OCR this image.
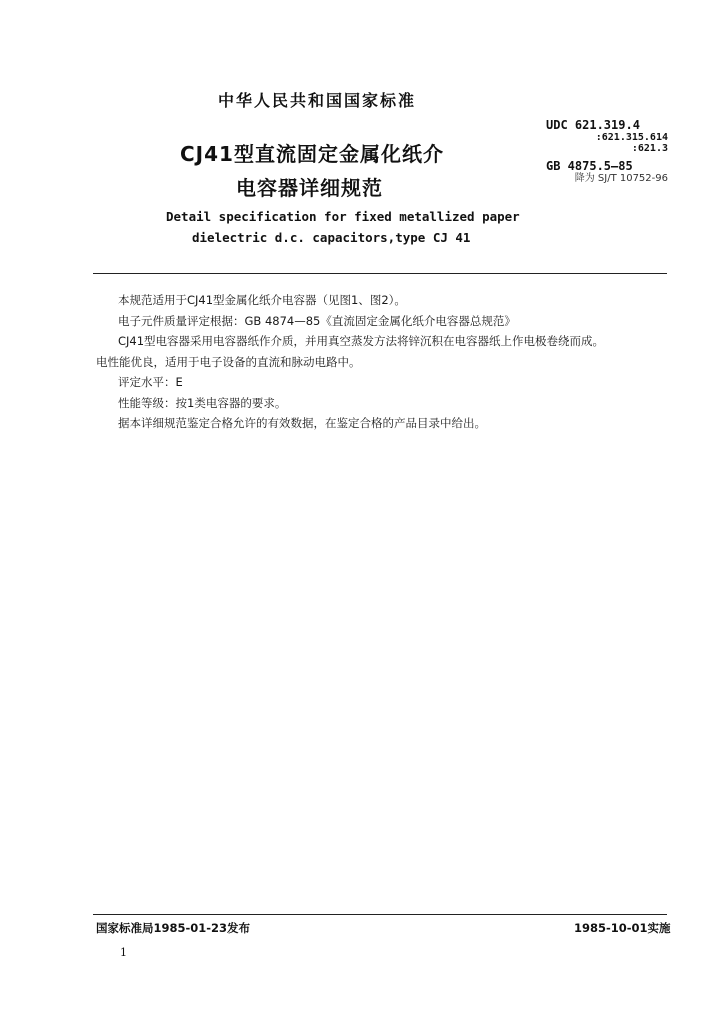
中华人民共和国国家标准
CJ41型直流固定金属化纸介
电容器详细规范
Detail specification for fixed metallized paper
dielectric d.c. capacitors,type CJ 41
UDC 621.319.4
:621.315.614
:621.3
GB 4875.5—85
降为 SJ/T 10752-96

本规范适用于CJ41型金属化纸介电容器（见图1、图2）。

电子元件质量评定根据：GB 4874—85《直流固定金属化纸介电容器总规范》

CJ41型电容器采用电容器纸作介质，并用真空蒸发方法将锌沉积在电容器纸上作电极卷绕而成。

电性能优良，适用于电子设备的直流和脉动电路中。

评定水平：E

性能等级：按1类电容器的要求。

据本详细规范鉴定合格允许的有效数据，在鉴定合格的产品目录中给出。

国家标准局1985-01-23发布	1985-10-01实施
1
